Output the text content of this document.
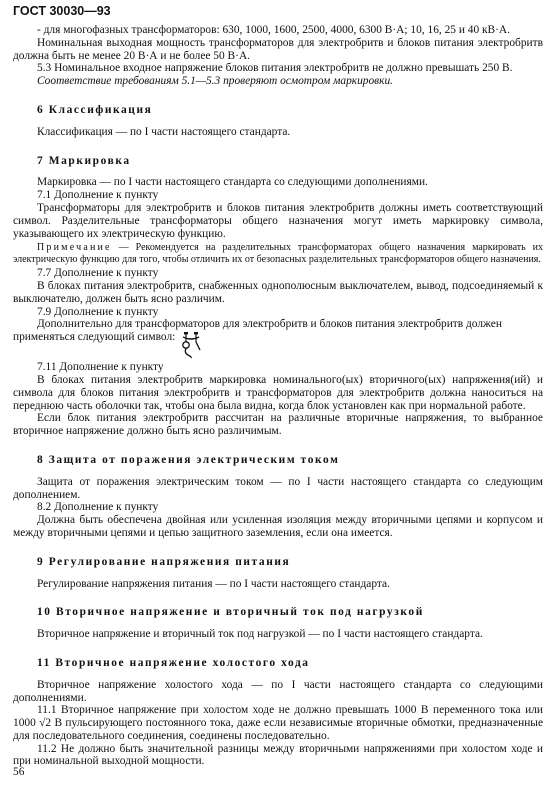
ГОСТ 30030—93

- для многофазных трансформаторов: 630, 1000, 1600, 2500, 4000, 6300 В·А; 10, 16, 25 и 40 кВ·А.

Номинальная выходная мощность трансформаторов для электробритв и блоков питания электробритв должна быть не менее 20 В·А и не более 50 В·А.

5.3 Номинальное входное напряжение блоков питания электробритв не должно превышать 250 В.

Соответствие требованиям 5.1—5.3 проверяют осмотром маркировки.

6 Классификация

Классификация — по I части настоящего стандарта.

7 Маркировка

Маркировка — по I части настоящего стандарта со следующими дополнениями.

7.1 Дополнение к пункту

Трансформаторы для электробритв и блоков питания электробритв должны иметь соответствующий символ. Разделительные трансформаторы общего назначения могут иметь маркировку символа, указывающего их электрическую функцию.

Примечание — Рекомендуется на разделительных трансформаторах общего назначения маркировать их электрическую функцию для того, чтобы отличить их от безопасных разделительных трансформаторов общего назначения.

7.7 Дополнение к пункту

В блоках питания электробритв, снабженных однополюсным выключателем, вывод, подсоединяемый к выключателю, должен быть ясно различим.

7.9 Дополнение к пункту

Дополнительно для трансформаторов для электробритв и блоков питания электробритв должен

применяться следующий символ:

7.11 Дополнение к пункту

В блоках питания электробритв маркировка номинального(ых) вторичного(ых) напряжения(ий) и символа для блоков питания электробритв и трансформаторов для электробритв должна наноситься на переднюю часть оболочки так, чтобы она была видна, когда блок установлен как при нормальной работе.

Если блок питания электробритв рассчитан на различные вторичные напряжения, то выбранное вторичное напряжение должно быть ясно различимым.

8 Защита от поражения электрическим током

Защита от поражения электрическим током — по I части настоящего стандарта со следующим дополнением.

8.2 Дополнение к пункту

Должна быть обеспечена двойная или усиленная изоляция между вторичными цепями и корпусом и между вторичными цепями и цепью защитного заземления, если она имеется.

9 Регулирование напряжения питания

Регулирование напряжения питания — по I части настоящего стандарта.

10 Вторичное напряжение и вторичный ток под нагрузкой

Вторичное напряжение и вторичный ток под нагрузкой — по I части настоящего стандарта.

11 Вторичное напряжение холостого хода

Вторичное напряжение холостого хода — по I части настоящего стандарта со следующими дополнениями.

11.1 Вторичное напряжение при холостом ходе не должно превышать 1000 В переменного тока или 1000 √2 В пульсирующего постоянного тока, даже если независимые вторичные обмотки, предназначенные для последовательного соединения, соединены последовательно.

11.2 Не должно быть значительной разницы между вторичными напряжениями при холостом ходе и при номинальной выходной мощности.

56
